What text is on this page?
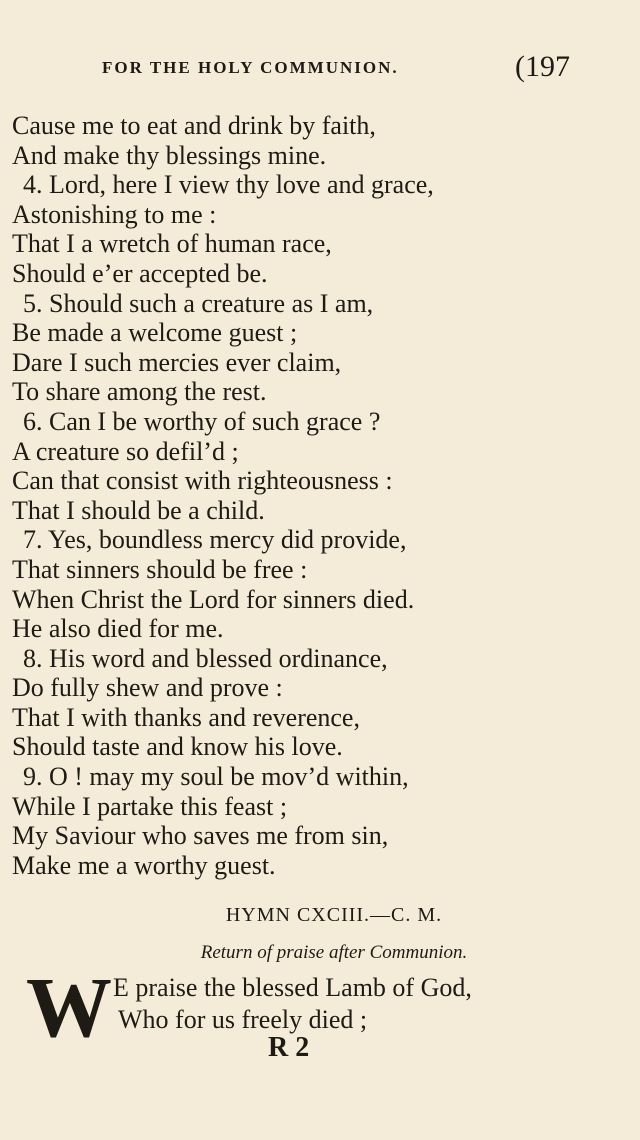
FOR THE HOLY COMMUNION.	(197
Cause me to eat and drink by faith,
And make thy blessings mine.
4. Lord, here I view thy love and grace,
Astonishing to me :
That I a wretch of human race,
Should e’er accepted be.
5. Should such a creature as I am,
Be made a welcome guest ;
Dare I such mercies ever claim,
To share among the rest.
6. Can I be worthy of such grace ?
A creature so defil’d ;
Can that consist with righteousness :
That I should be a child.
7. Yes, boundless mercy did provide,
That sinners should be free :
When Christ the Lord for sinners died.
He also died for me.
8. His word and blessed ordinance,
Do fully shew and prove :
That I with thanks and reverence,
Should taste and know his love.
9. O ! may my soul be mov’d within,
While I partake this feast ;
My Saviour who saves me from sin,
Make me a worthy guest.
HYMN CXCIII.—C. M.
Return of praise after Communion.
W E praise the blessed Lamb of God,
Who for us freely died ;
R 2
